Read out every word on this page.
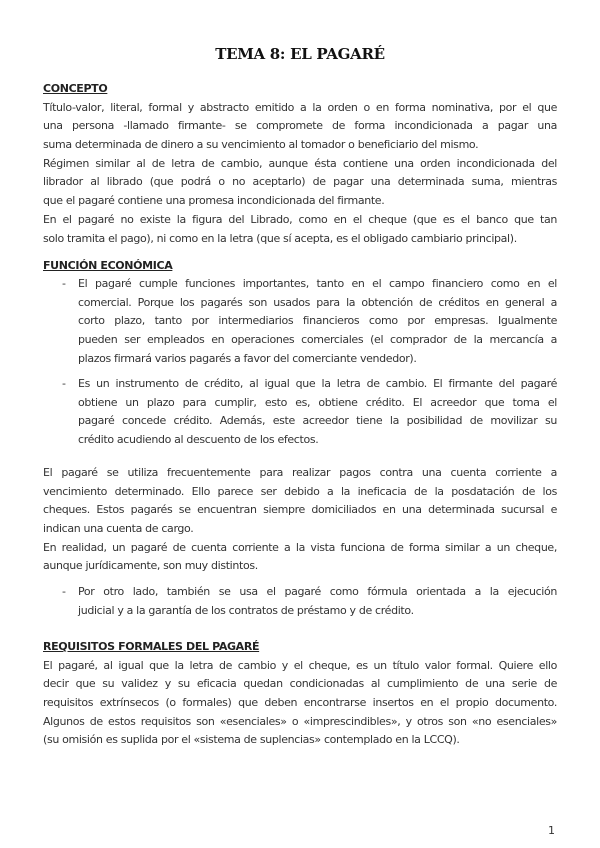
TEMA 8: EL PAGARÉ
CONCEPTO
Título-valor, literal, formal y abstracto emitido a la orden o en forma nominativa, por el que
una persona -llamado firmante- se compromete de forma incondicionada a pagar una
suma determinada de dinero a su vencimiento al tomador o beneficiario del mismo.
Régimen similar al de letra de cambio, aunque ésta contiene una orden incondicionada del
librador al librado (que podrá o no aceptarlo) de pagar una determinada suma, mientras
que el pagaré contiene una promesa incondicionada del firmante.
En el pagaré no existe la figura del Librado, como en el cheque (que es el banco que tan
solo tramita el pago), ni como en la letra (que sí acepta, es el obligado cambiario principal).
FUNCIÓN ECONÓMICA
- El pagaré cumple funciones importantes, tanto en el campo financiero como en el
comercial. Porque los pagarés son usados para la obtención de créditos en general a
corto plazo, tanto por intermediarios financieros como por empresas. Igualmente
pueden ser empleados en operaciones comerciales (el comprador de la mercancía a
plazos firmará varios pagarés a favor del comerciante vendedor).
- Es un instrumento de crédito, al igual que la letra de cambio. El firmante del pagaré
obtiene un plazo para cumplir, esto es, obtiene crédito. El acreedor que toma el
pagaré concede crédito. Además, este acreedor tiene la posibilidad de movilizar su
crédito acudiendo al descuento de los efectos.
El pagaré se utiliza frecuentemente para realizar pagos contra una cuenta corriente a
vencimiento determinado. Ello parece ser debido a la ineficacia de la posdatación de los
cheques. Estos pagarés se encuentran siempre domiciliados en una determinada sucursal e
indican una cuenta de cargo.
En realidad, un pagaré de cuenta corriente a la vista funciona de forma similar a un cheque,
aunque jurídicamente, son muy distintos.
- Por otro lado, también se usa el pagaré como fórmula orientada a la ejecución
judicial y a la garantía de los contratos de préstamo y de crédito.
REQUISITOS FORMALES DEL PAGARÉ
El pagaré, al igual que la letra de cambio y el cheque, es un título valor formal. Quiere ello
decir que su validez y su eficacia quedan condicionadas al cumplimiento de una serie de
requisitos extrínsecos (o formales) que deben encontrarse insertos en el propio documento.
Algunos de estos requisitos son «esenciales» o «imprescindibles», y otros son «no esenciales»
(su omisión es suplida por el «sistema de suplencias» contemplado en la LCCQ).
1
